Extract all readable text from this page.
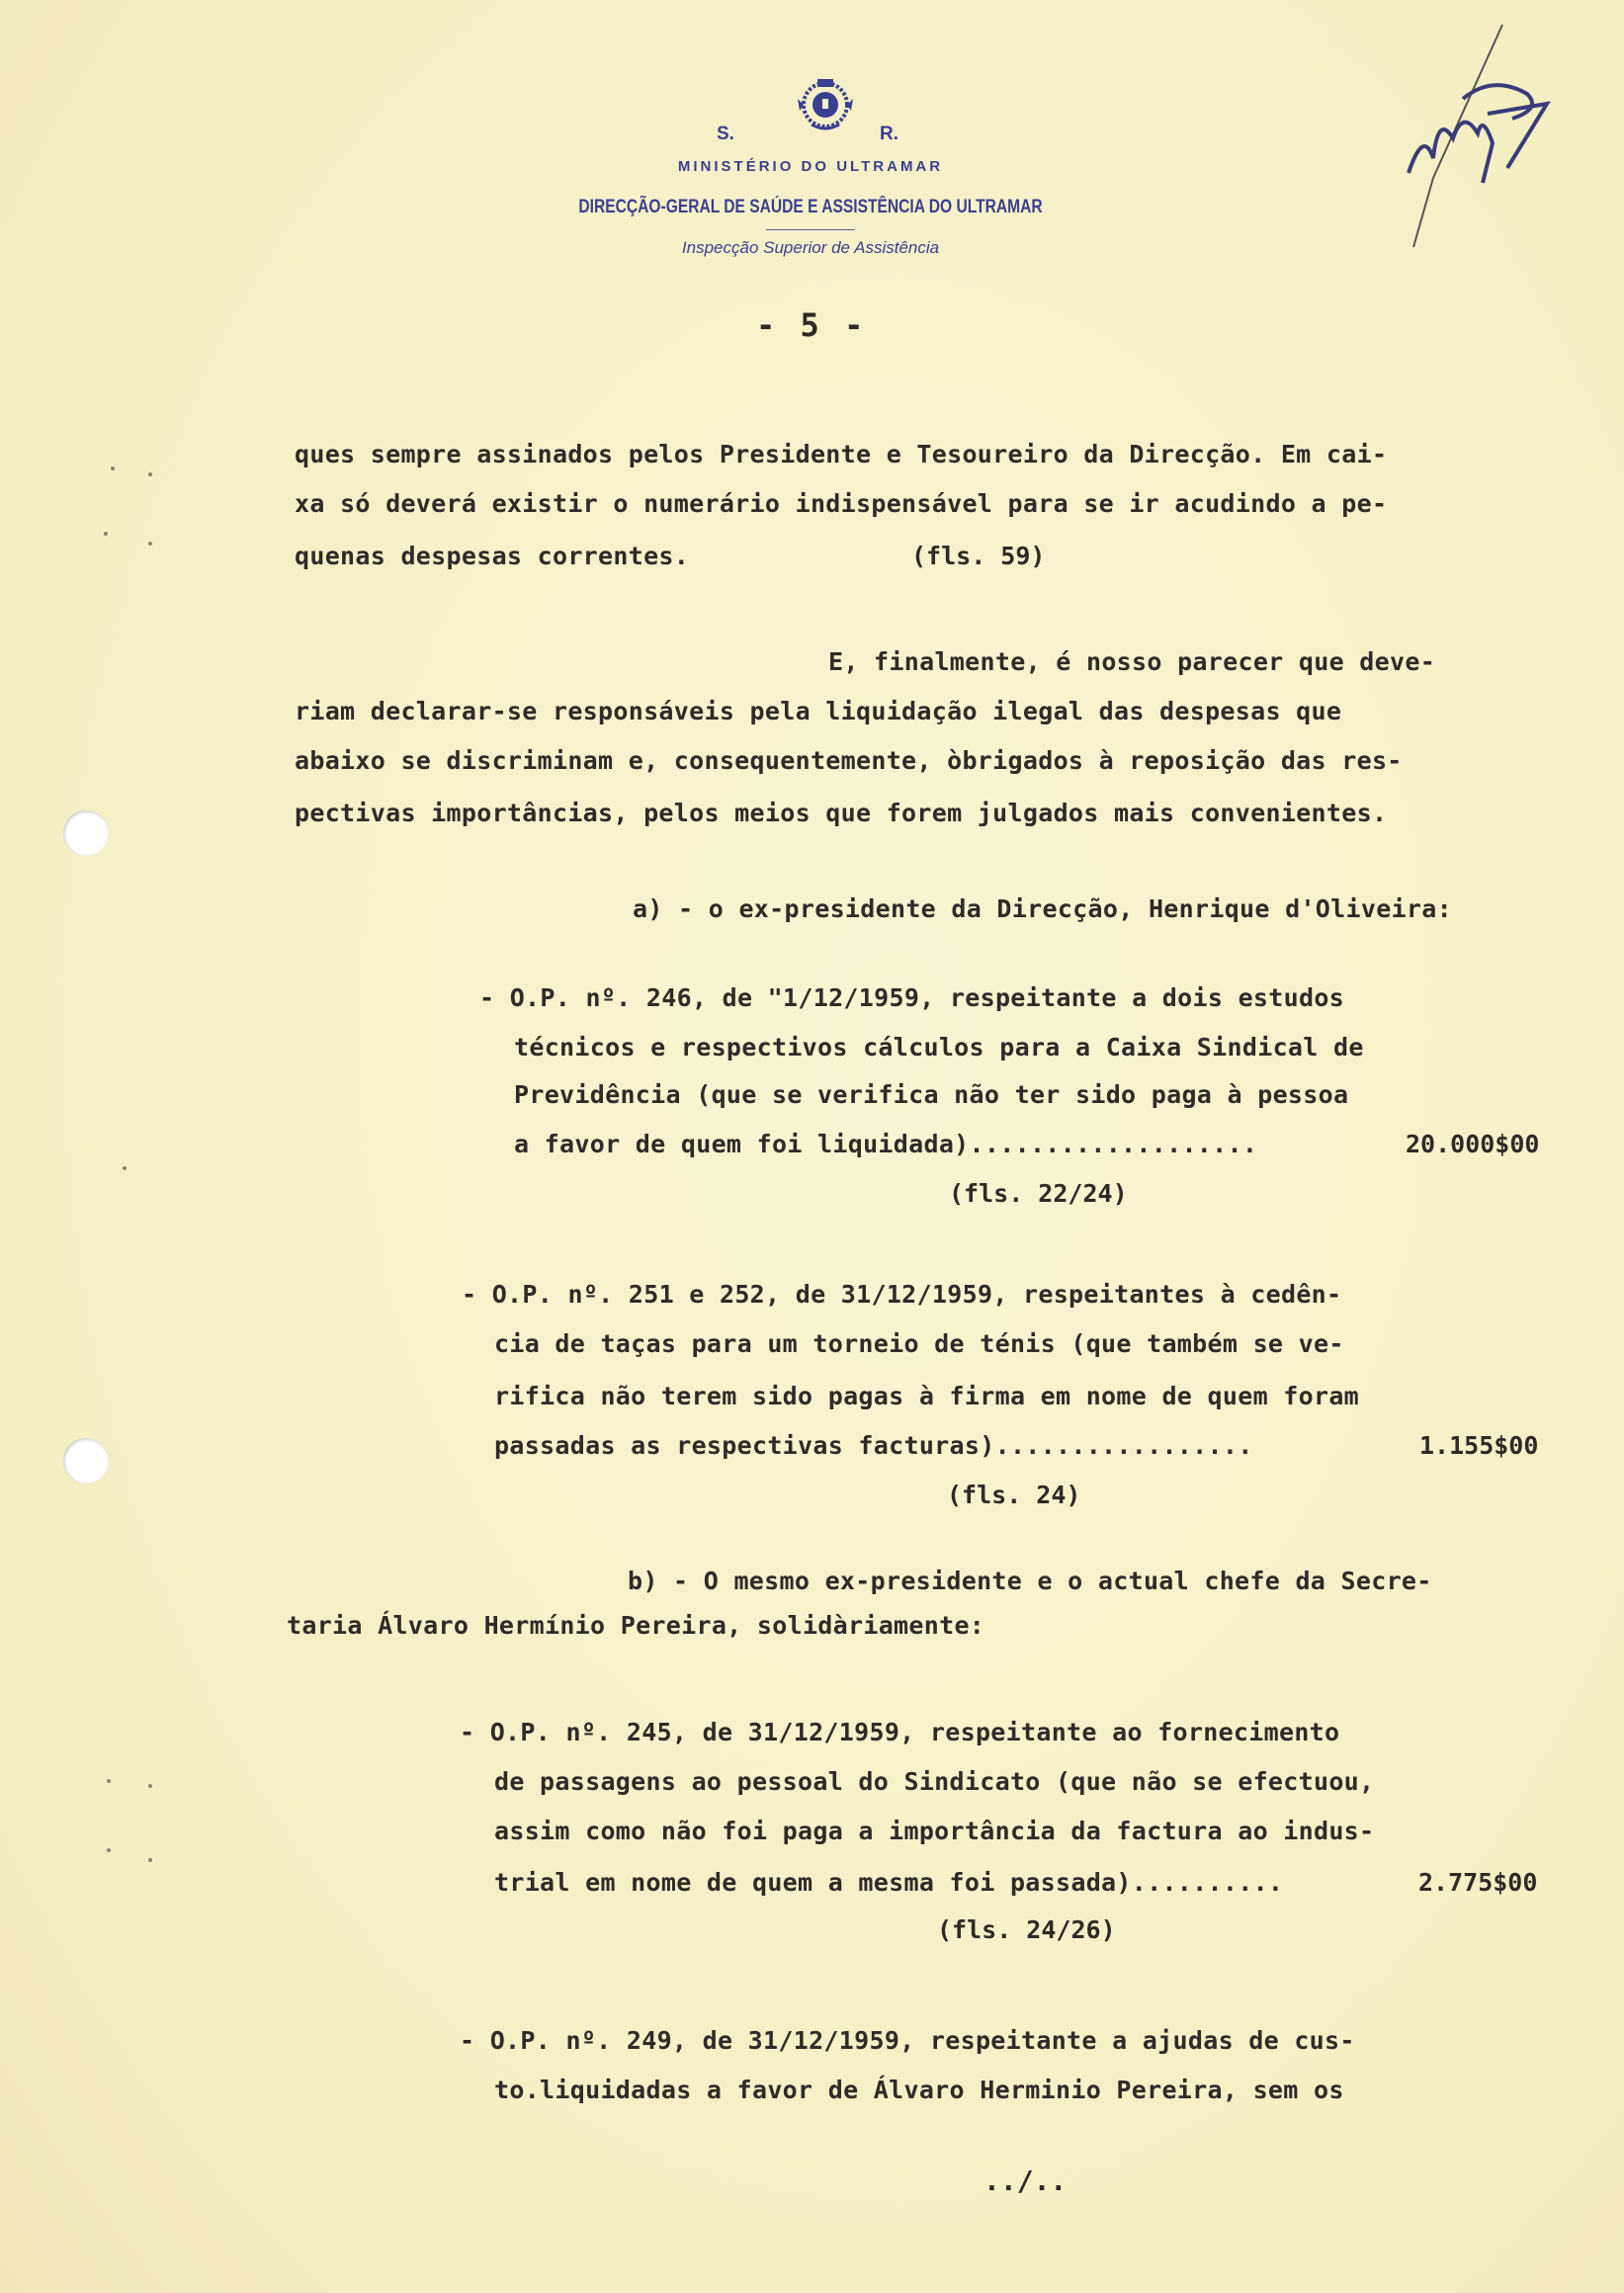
S.	R.
MINISTÉRIO DO ULTRAMAR
DIRECÇÃO-GERAL DE SAÚDE E ASSISTÊNCIA DO ULTRAMAR
Inspecção Superior de Assistência
- 5 -
ques sempre assinados pelos Presidente e Tesoureiro da Direcção. Em cai-
xa só deverá existir o numerário indispensável para se ir acudindo a pe-
quenas despesas correntes.	(fls. 59)
E, finalmente, é nosso parecer que deve-
riam declarar-se responsáveis pela liquidação ilegal das despesas que
abaixo se discriminam e, consequentemente, òbrigados à reposição das res-
pectivas importâncias, pelos meios que forem julgados mais convenientes.
a) - o ex-presidente da Direcção, Henrique d'Oliveira:
- O.P. nº. 246, de "1/12/1959, respeitante a dois estudos
técnicos e respectivos cálculos para a Caixa Sindical de
Previdência (que se verifica não ter sido paga à pessoa
a favor de quem foi liquidada)...................	20.000$00
(fls. 22/24)
- O.P. nº. 251 e 252, de 31/12/1959, respeitantes à cedên-
cia de taças para um torneio de ténis (que também se ve-
rifica não terem sido pagas à firma em nome de quem foram
passadas as respectivas facturas).................	1.155$00
(fls. 24)
b) - O mesmo ex-presidente e o actual chefe da Secre-
taria Álvaro Hermínio Pereira, solidàriamente:
- O.P. nº. 245, de 31/12/1959, respeitante ao fornecimento
de passagens ao pessoal do Sindicato (que não se efectuou,
assim como não foi paga a importância da factura ao indus-
trial em nome de quem a mesma foi passada)..........	2.775$00
(fls. 24/26)
- O.P. nº. 249, de 31/12/1959, respeitante a ajudas de cus-
to.liquidadas a favor de Álvaro Herminio Pereira, sem os
../..
